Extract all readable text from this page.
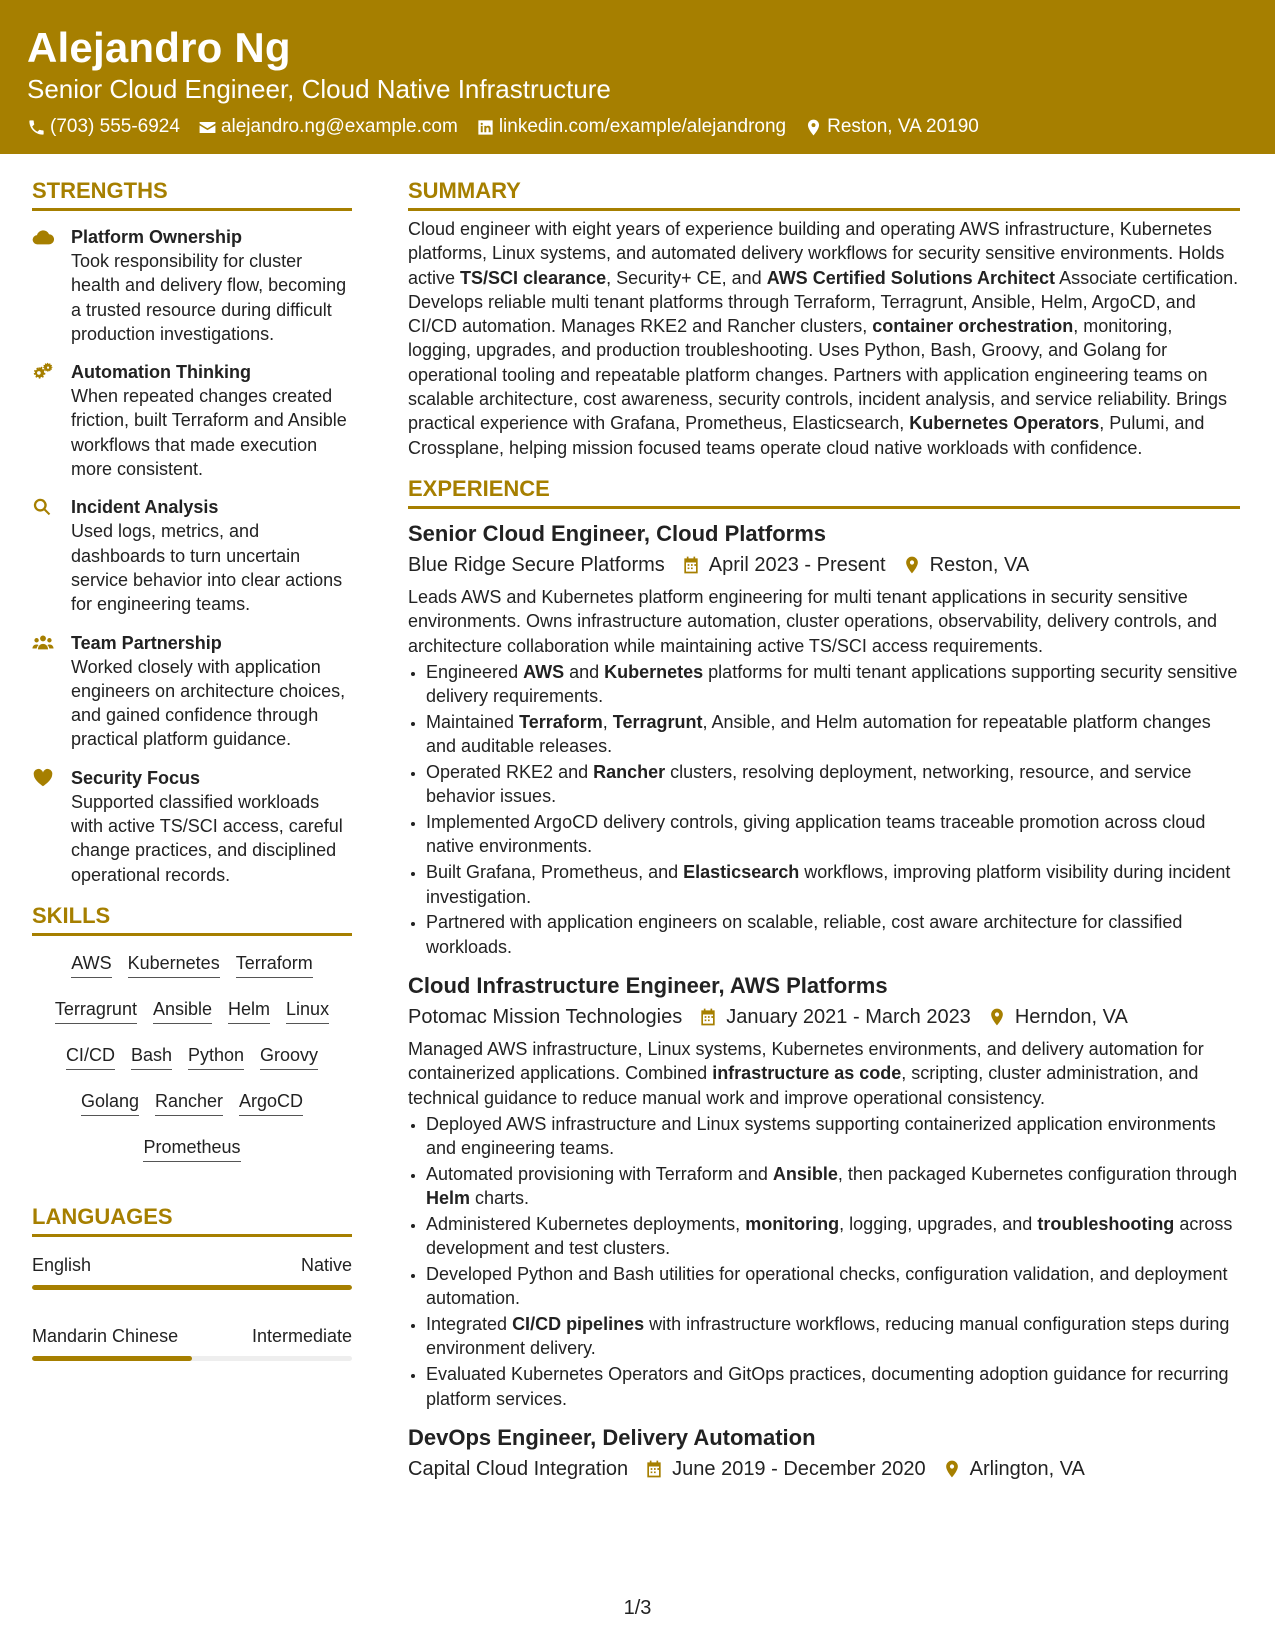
Alejandro Ng
Senior Cloud Engineer, Cloud Native Infrastructure
(703) 555-6924 alejandro.ng@example.com linkedin.com/example/alejandrong Reston, VA 20190
STRENGTHS
Platform Ownership
Took responsibility for cluster health and delivery flow, becoming a trusted resource during difficult production investigations.
Automation Thinking
When repeated changes created friction, built Terraform and Ansible workflows that made execution more consistent.
Incident Analysis
Used logs, metrics, and dashboards to turn uncertain service behavior into clear actions for engineering teams.
Team Partnership
Worked closely with application engineers on architecture choices, and gained confidence through practical platform guidance.
Security Focus
Supported classified workloads with active TS/SCI access, careful change practices, and disciplined operational records.
SKILLS
AWS Kubernetes Terraform
Terragrunt Ansible Helm Linux
CI/CD Bash Python Groovy
Golang Rancher ArgoCD
Prometheus
LANGUAGES
English	Native
Mandarin Chinese	Intermediate
SUMMARY
Cloud engineer with eight years of experience building and operating AWS infrastructure, Kubernetes platforms, Linux systems, and automated delivery workflows for security sensitive environments. Holds active TS/SCI clearance, Security+ CE, and AWS Certified Solutions Architect Associate certification. Develops reliable multi tenant platforms through Terraform, Terragrunt, Ansible, Helm, ArgoCD, and CI/CD automation. Manages RKE2 and Rancher clusters, container orchestration, monitoring, logging, upgrades, and production troubleshooting. Uses Python, Bash, Groovy, and Golang for operational tooling and repeatable platform changes. Partners with application engineering teams on scalable architecture, cost awareness, security controls, incident analysis, and service reliability. Brings practical experience with Grafana, Prometheus, Elasticsearch, Kubernetes Operators, Pulumi, and Crossplane, helping mission focused teams operate cloud native workloads with confidence.
EXPERIENCE
Senior Cloud Engineer, Cloud Platforms
Blue Ridge Secure Platforms April 2023 - Present Reston, VA
Leads AWS and Kubernetes platform engineering for multi tenant applications in security sensitive environments. Owns infrastructure automation, cluster operations, observability, delivery controls, and architecture collaboration while maintaining active TS/SCI access requirements.
• Engineered AWS and Kubernetes platforms for multi tenant applications supporting security sensitive delivery requirements.
• Maintained Terraform, Terragrunt, Ansible, and Helm automation for repeatable platform changes and auditable releases.
• Operated RKE2 and Rancher clusters, resolving deployment, networking, resource, and service behavior issues.
• Implemented ArgoCD delivery controls, giving application teams traceable promotion across cloud native environments.
• Built Grafana, Prometheus, and Elasticsearch workflows, improving platform visibility during incident investigation.
• Partnered with application engineers on scalable, reliable, cost aware architecture for classified workloads.
Cloud Infrastructure Engineer, AWS Platforms
Potomac Mission Technologies January 2021 - March 2023 Herndon, VA
Managed AWS infrastructure, Linux systems, Kubernetes environments, and delivery automation for containerized applications. Combined infrastructure as code, scripting, cluster administration, and technical guidance to reduce manual work and improve operational consistency.
• Deployed AWS infrastructure and Linux systems supporting containerized application environments and engineering teams.
• Automated provisioning with Terraform and Ansible, then packaged Kubernetes configuration through Helm charts.
• Administered Kubernetes deployments, monitoring, logging, upgrades, and troubleshooting across development and test clusters.
• Developed Python and Bash utilities for operational checks, configuration validation, and deployment automation.
• Integrated CI/CD pipelines with infrastructure workflows, reducing manual configuration steps during environment delivery.
• Evaluated Kubernetes Operators and GitOps practices, documenting adoption guidance for recurring platform services.
DevOps Engineer, Delivery Automation
Capital Cloud Integration June 2019 - December 2020 Arlington, VA
1/3
